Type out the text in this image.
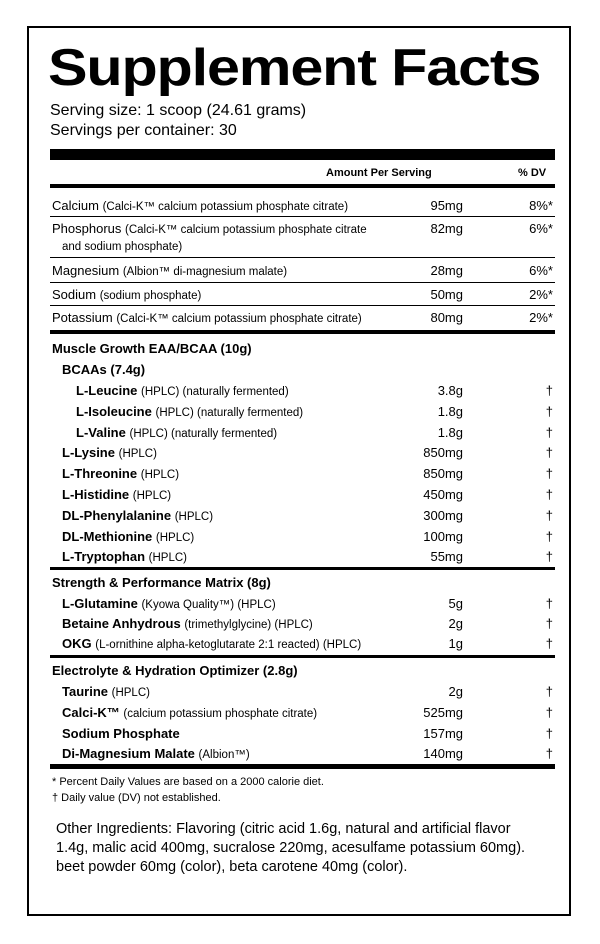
Supplement Facts
Serving size: 1 scoop (24.61 grams)
Servings per container: 30
Amount Per Serving	% DV
Calcium (Calci-K™ calcium potassium phosphate citrate)	95mg	8%*
Phosphorus (Calci-K™ calcium potassium phosphate citrate	82mg	6%*
and sodium phosphate)
Magnesium (Albion™ di-magnesium malate)	28mg	6%*
Sodium (sodium phosphate)	50mg	2%*
Potassium (Calci-K™ calcium potassium phosphate citrate)	80mg	2%*
Muscle Growth EAA/BCAA (10g)
BCAAs (7.4g)
L-Leucine (HPLC) (naturally fermented)	3.8g	†
L-Isoleucine (HPLC) (naturally fermented)	1.8g	†
L-Valine (HPLC) (naturally fermented)	1.8g	†
L-Lysine (HPLC)	850mg	†
L-Threonine (HPLC)	850mg	†
L-Histidine (HPLC)	450mg	†
DL-Phenylalanine (HPLC)	300mg	†
DL-Methionine (HPLC)	100mg	†
L-Tryptophan (HPLC)	55mg	†
Strength & Performance Matrix (8g)
L-Glutamine (Kyowa Quality™) (HPLC)	5g	†
Betaine Anhydrous (trimethylglycine) (HPLC)	2g	†
OKG (L-ornithine alpha-ketoglutarate 2:1 reacted) (HPLC)	1g	†
Electrolyte & Hydration Optimizer (2.8g)
Taurine (HPLC)	2g	†
Calci-K™ (calcium potassium phosphate citrate)	525mg	†
Sodium Phosphate	157mg	†
Di-Magnesium Malate (Albion™)	140mg	†
* Percent Daily Values are based on a 2000 calorie diet.
† Daily value (DV) not established.
Other Ingredients: Flavoring (citric acid 1.6g, natural and artificial flavor 1.4g, malic acid 400mg, sucralose 220mg, acesulfame potassium 60mg). beet powder 60mg (color), beta carotene 40mg (color).
